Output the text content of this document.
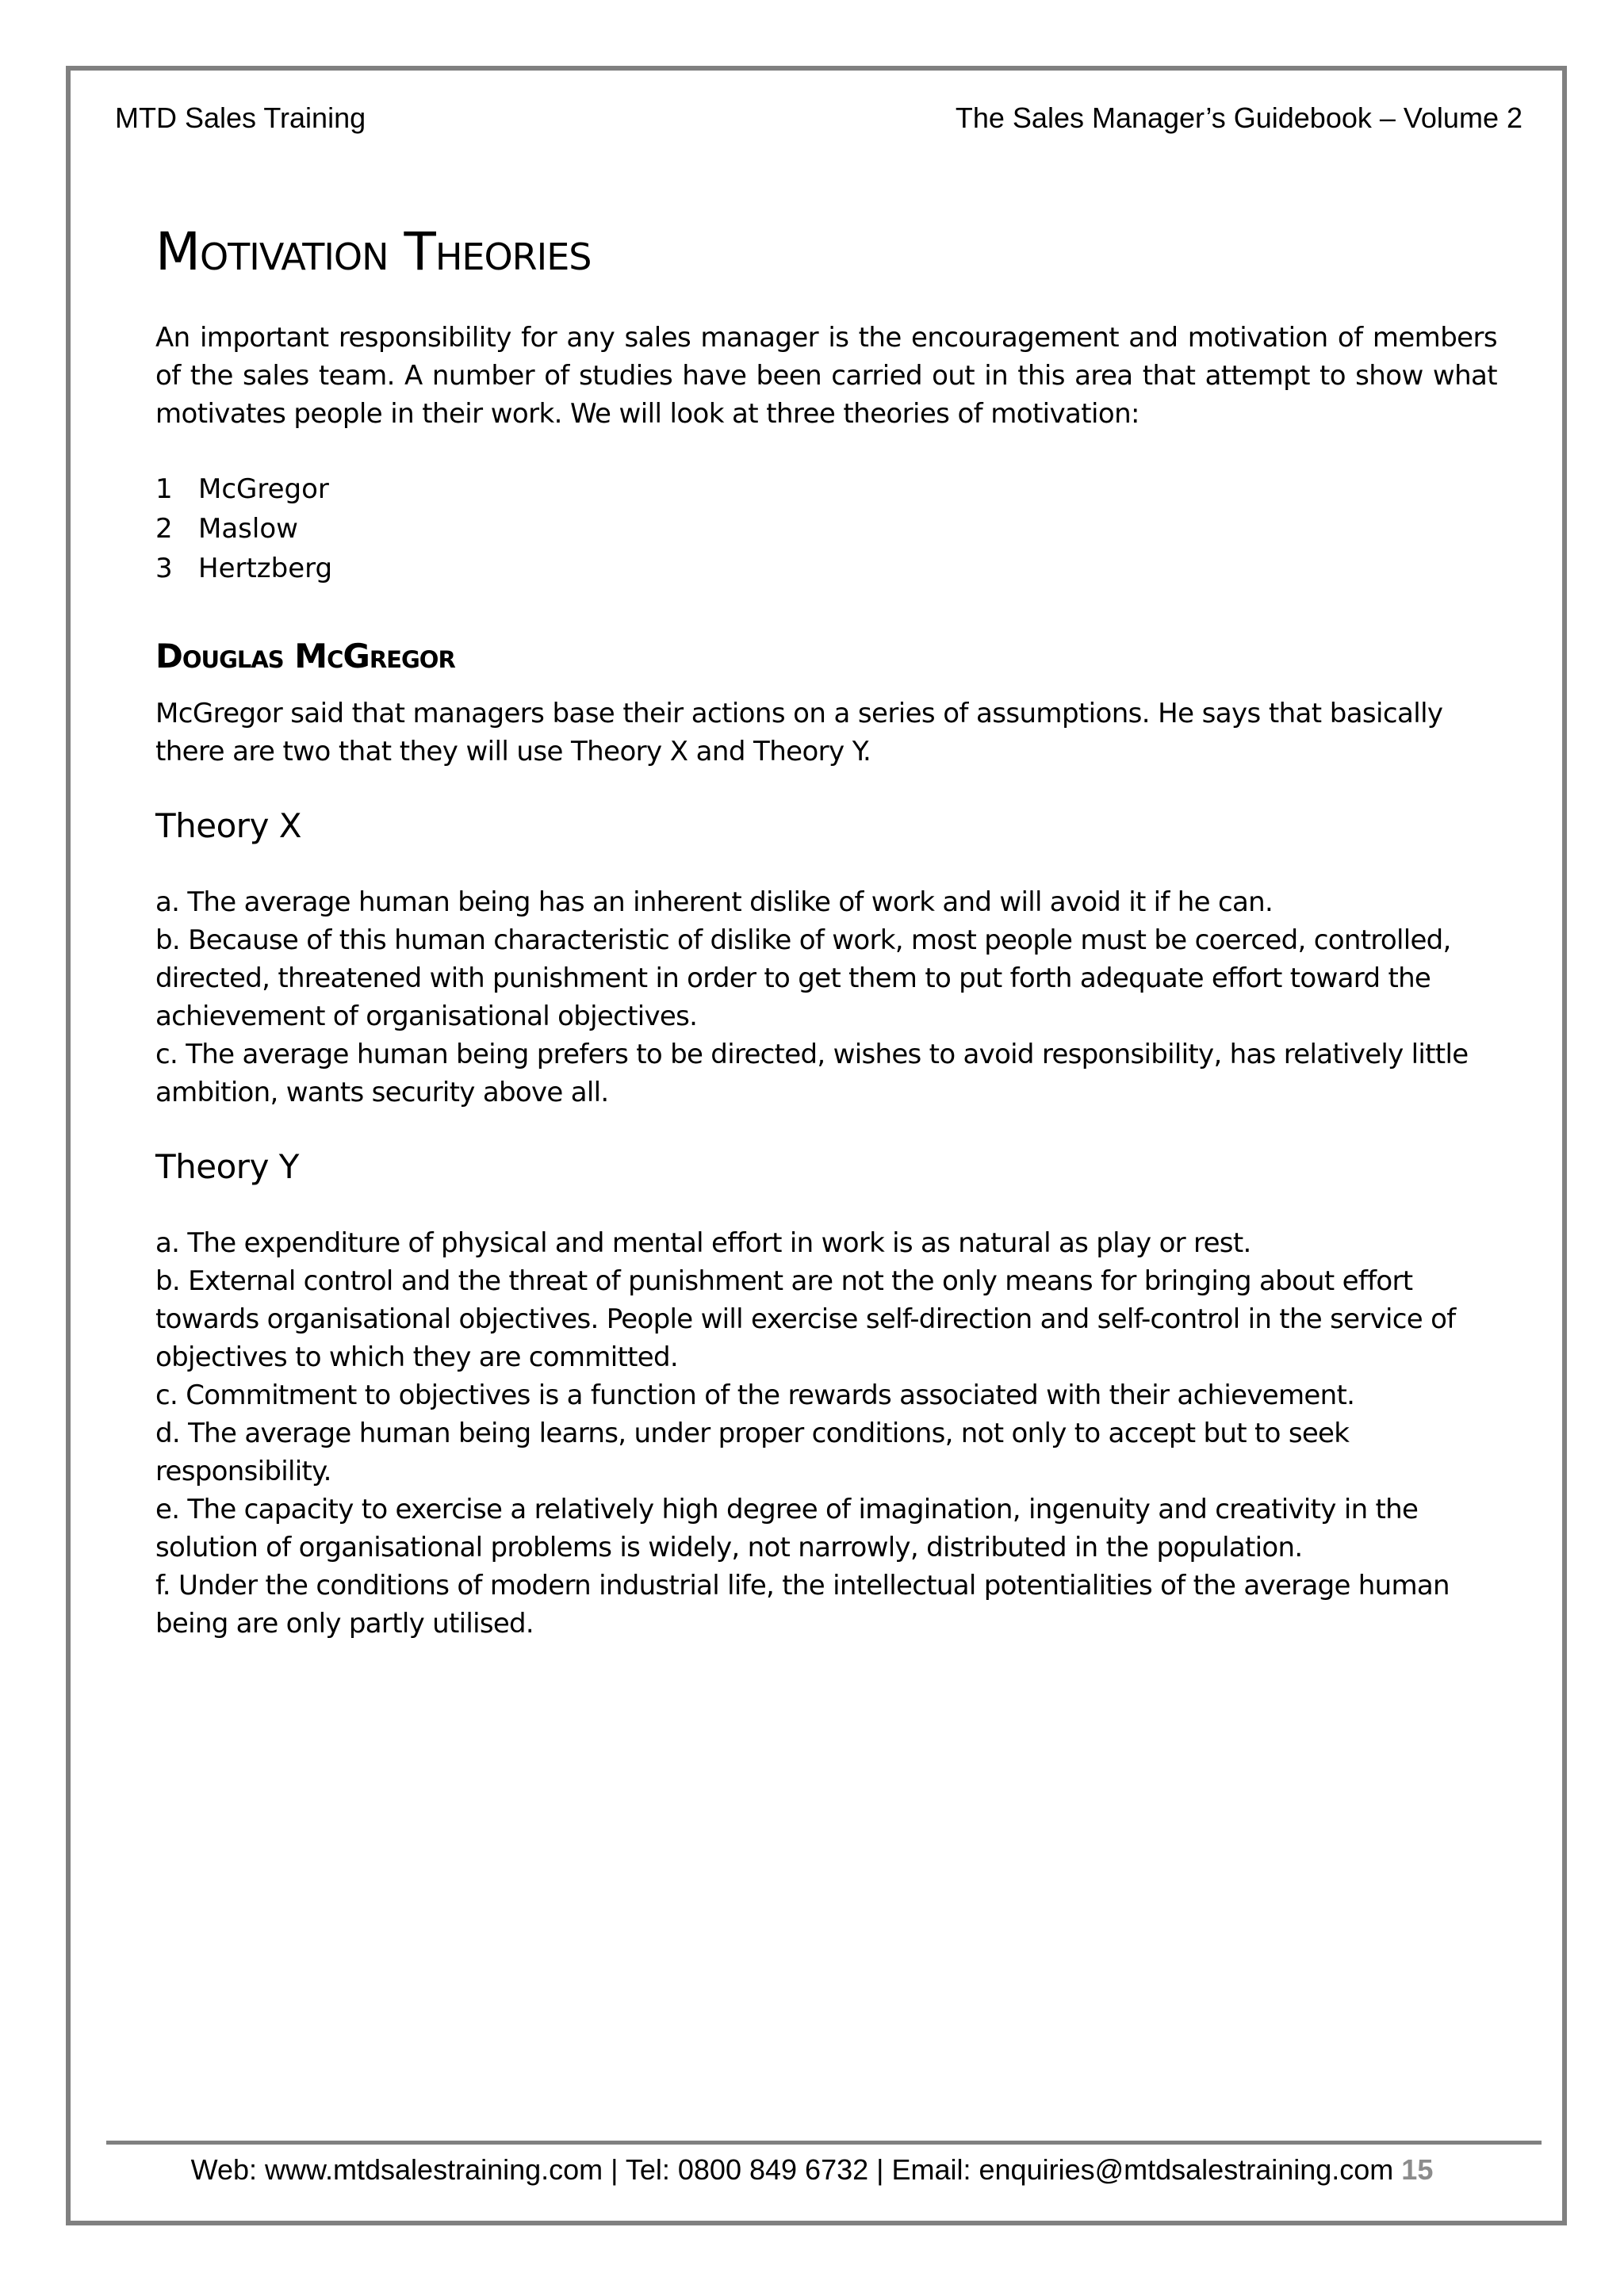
MTD Sales Training	The Sales Manager’s Guidebook – Volume 2
Motivation Theories

An important responsibility for any sales manager is the encouragement and motivation of members of the sales team. A number of studies have been carried out in this area that attempt to show what motivates people in their work. We will look at three theories of motivation:

1 McGregor
2 Maslow
3 Hertzberg
Douglas McGregor

McGregor said that managers base their actions on a series of assumptions. He says that basically there are two that they will use Theory X and Theory Y.

Theory X

a. The average human being has an inherent dislike of work and will avoid it if he can.

b. Because of this human characteristic of dislike of work, most people must be coerced, controlled, directed, threatened with punishment in order to get them to put forth adequate effort toward the achievement of organisational objectives.

c. The average human being prefers to be directed, wishes to avoid responsibility, has relatively little ambition, wants security above all.

Theory Y

a. The expenditure of physical and mental effort in work is as natural as play or rest.

b. External control and the threat of punishment are not the only means for bringing about effort towards organisational objectives. People will exercise self-direction and self-control in the service of objectives to which they are committed.

c. Commitment to objectives is a function of the rewards associated with their achievement.

d. The average human being learns, under proper conditions, not only to accept but to seek responsibility.

e. The capacity to exercise a relatively high degree of imagination, ingenuity and creativity in the solution of organisational problems is widely, not narrowly, distributed in the population.

f. Under the conditions of modern industrial life, the intellectual potentialities of the average human being are only partly utilised.

Web: www.mtdsalestraining.com | Tel: 0800 849 6732 | Email: enquiries@mtdsalestraining.com 15
